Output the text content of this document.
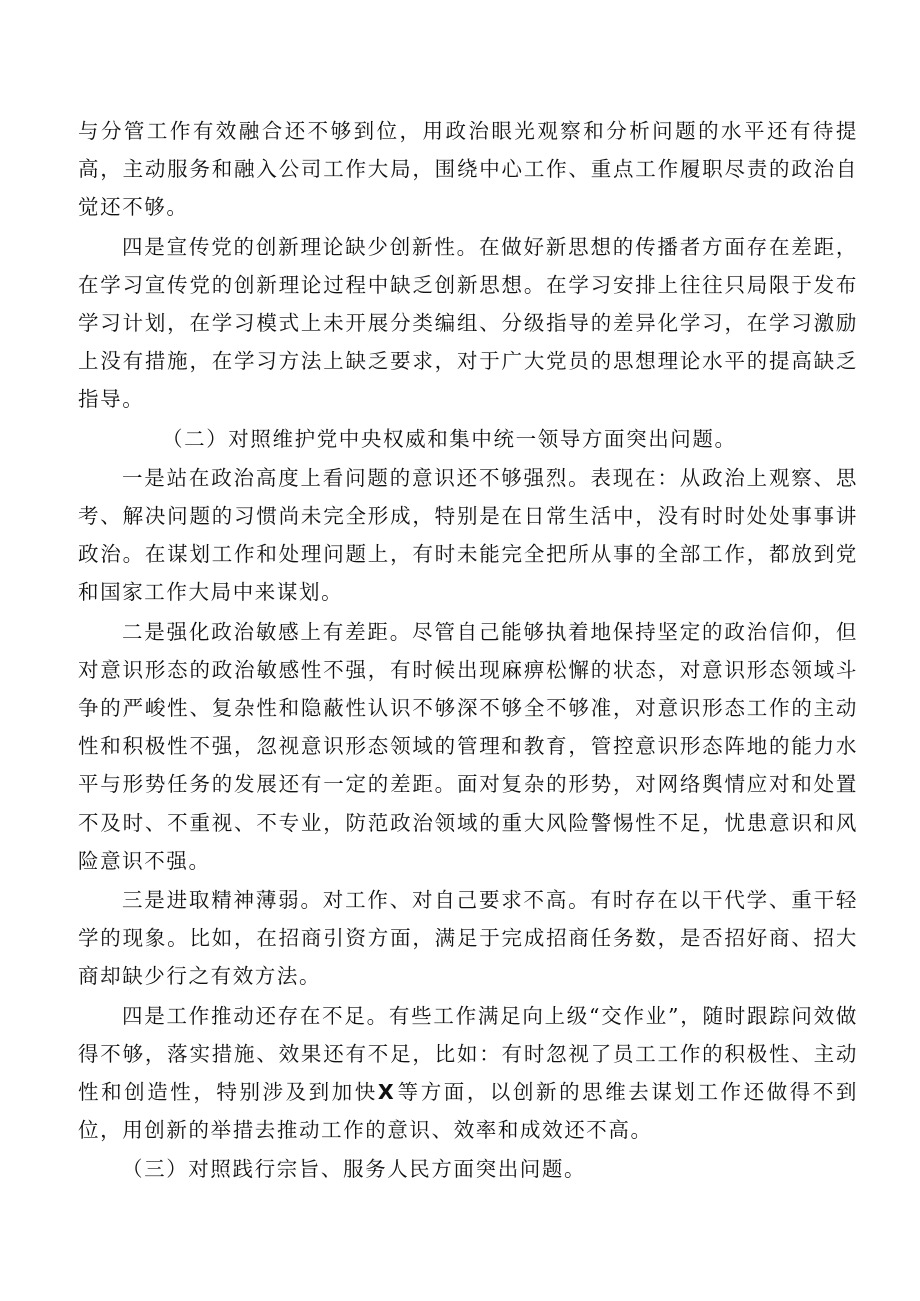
与分管工作有效融合还不够到位，用政治眼光观察和分析问题的水平还有待提高，主动服务和融入公司工作大局，围绕中心工作、重点工作履职尽责的政治自觉还不够。

四是宣传党的创新理论缺少创新性。在做好新思想的传播者方面存在差距，在学习宣传党的创新理论过程中缺乏创新思想。在学习安排上往往只局限于发布学习计划，在学习模式上未开展分类编组、分级指导的差异化学习，在学习激励上没有措施，在学习方法上缺乏要求，对于广大党员的思想理论水平的提高缺乏指导。

（二）对照维护党中央权威和集中统一领导方面突出问题。

一是站在政治高度上看问题的意识还不够强烈。表现在：从政治上观察、思考、解决问题的习惯尚未完全形成，特别是在日常生活中，没有时时处处事事讲政治。在谋划工作和处理问题上，有时未能完全把所从事的全部工作，都放到党和国家工作大局中来谋划。

二是强化政治敏感上有差距。尽管自己能够执着地保持坚定的政治信仰，但对意识形态的政治敏感性不强，有时候出现麻痹松懈的状态，对意识形态领域斗争的严峻性、复杂性和隐蔽性认识不够深不够全不够准，对意识形态工作的主动性和积极性不强，忽视意识形态领域的管理和教育，管控意识形态阵地的能力水平与形势任务的发展还有一定的差距。面对复杂的形势，对网络舆情应对和处置不及时、不重视、不专业，防范政治领域的重大风险警惕性不足，忧患意识和风险意识不强。

三是进取精神薄弱。对工作、对自己要求不高。有时存在以干代学、重干轻学的现象。比如，在招商引资方面，满足于完成招商任务数，是否招好商、招大商却缺少行之有效方法。

四是工作推动还存在不足。有些工作满足向上级“交作业”，随时跟踪问效做得不够，落实措施、效果还有不足，比如：有时忽视了员工工作的积极性、主动性和创造性，特别涉及到加快X等方面，以创新的思维去谋划工作还做得不到位，用创新的举措去推动工作的意识、效率和成效还不高。

（三）对照践行宗旨、服务人民方面突出问题。
